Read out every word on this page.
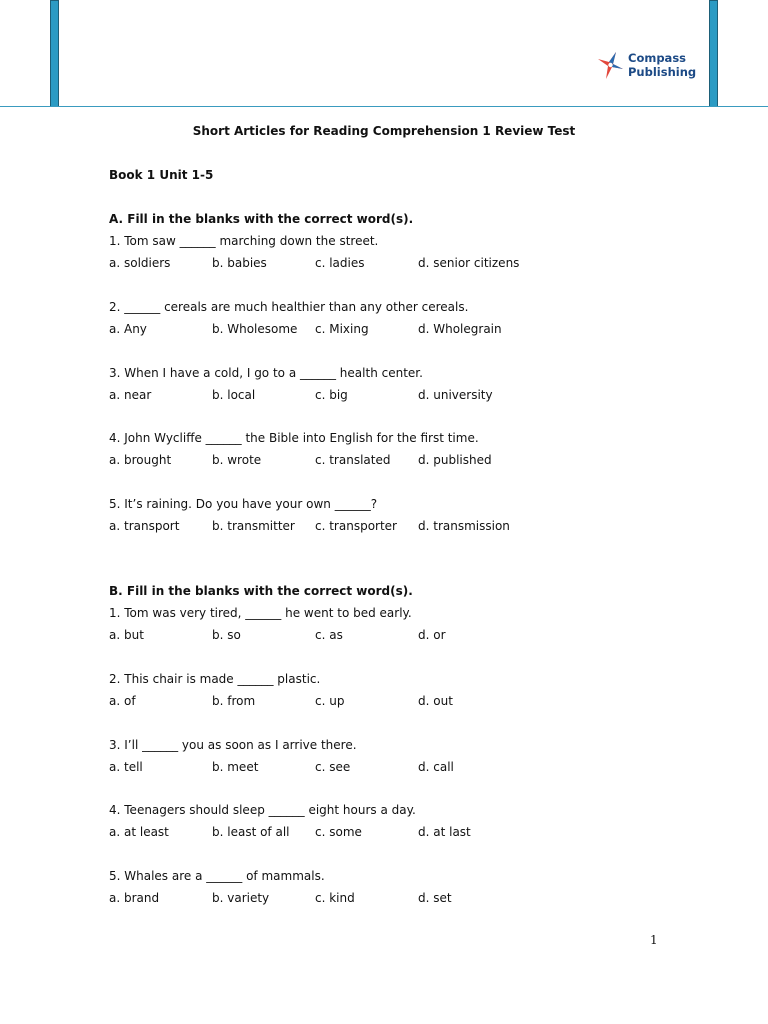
Compass
Publishing
Short Articles for Reading Comprehension 1 Review Test
Book 1 Unit 1-5
A. Fill in the blanks with the correct word(s).
1. Tom saw ______ marching down the street.
a. soldiers	b. babies	c. ladies	d. senior citizens
2. ______ cereals are much healthier than any other cereals.
a. Any	b. Wholesome c. Mixing	d. Wholegrain
3. When I have a cold, I go to a ______ health center.
a. near	b. local	c. big	d. university
4. John Wycliffe ______ the Bible into English for the first time.
a. brought	b. wrote	c. translated d. published
5. It’s raining. Do you have your own ______?
a. transport	b. transmitter c. transporter d. transmission
B. Fill in the blanks with the correct word(s).
1. Tom was very tired, ______ he went to bed early.
a. but	b. so	c. as	d. or
2. This chair is made ______ plastic.
a. of	b. from	c. up	d. out
3. I’ll ______ you as soon as I arrive there.
a. tell	b. meet	c. see	d. call
4. Teenagers should sleep ______ eight hours a day.
a. at least	b. least of all c. some	d. at last
5. Whales are a ______ of mammals.
a. brand	b. variety	c. kind	d. set
1
